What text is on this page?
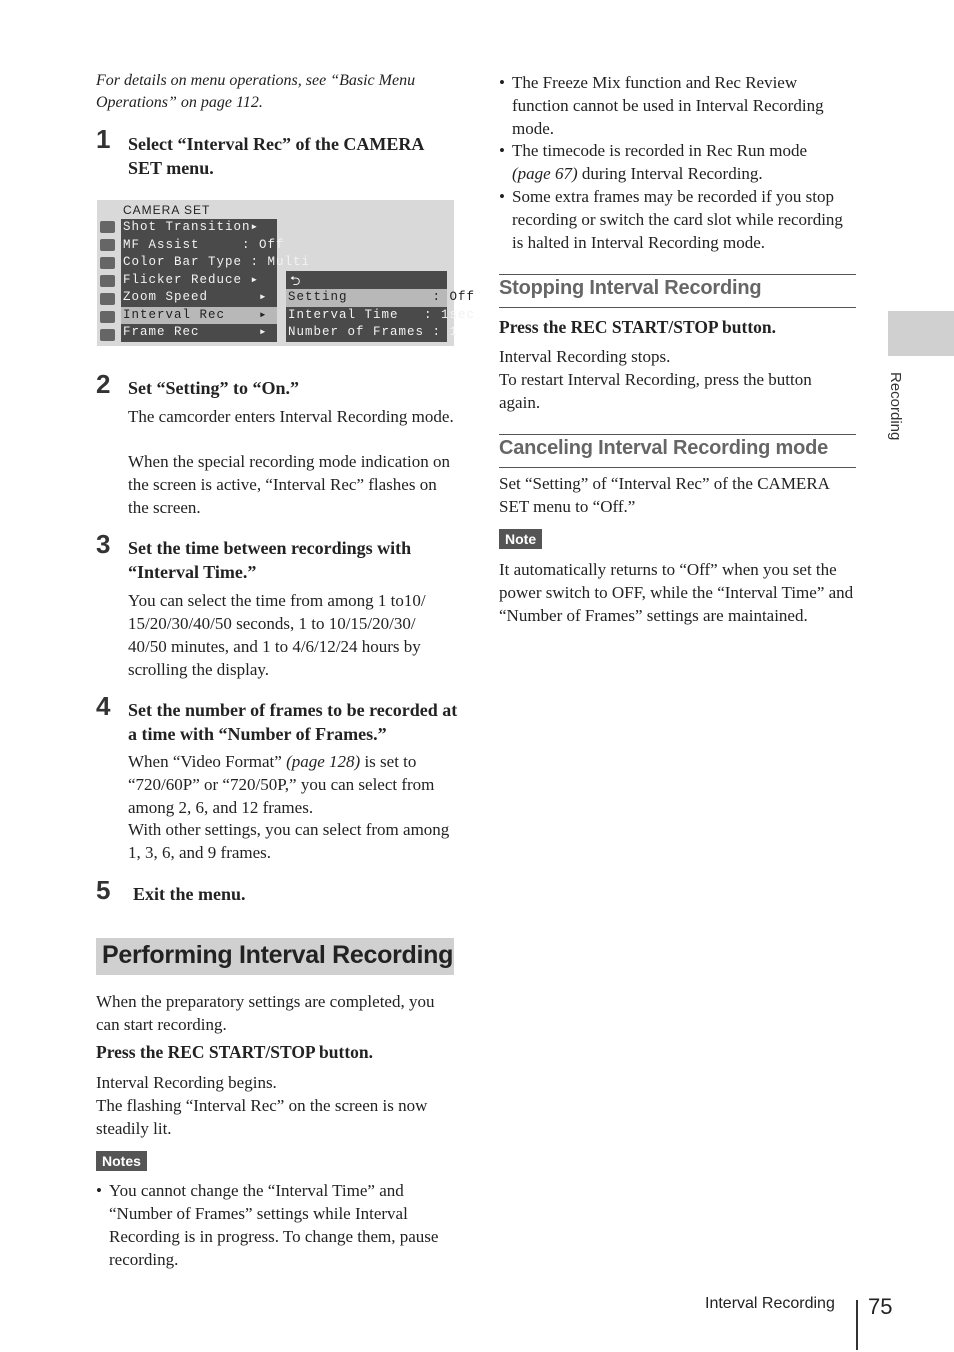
For details on menu operations, see “Basic Menu Operations” on page 112.
1 Select “Interval Rec” of the CAMERA SET menu.
CAMERA SET
Shot Transition▸
MF Assist     : Off
Color Bar Type : Multi
Flicker Reduce ▸
Zoom Speed      ▸
Interval Rec    ▸
Frame Rec       ▸
⮌
Setting          : Off
Interval Time   : 1sec
Number of Frames : 1
2 Set “Setting” to “On.”
The camcorder enters Interval Recording mode.
When the special recording mode indication on the screen is active, “Interval Rec” flashes on the screen.
3 Set the time between recordings with “Interval Time.”
You can select the time from among 1 to10/ 15/20/30/40/50 seconds, 1 to 10/15/20/30/ 40/50 minutes, and 1 to 4/6/12/24 hours by scrolling the display.
4 Set the number of frames to be recorded at a time with “Number of Frames.”
When “Video Format” (page 128) is set to “720/60P” or “720/50P,” you can select from among 2, 6, and 12 frames.
With other settings, you can select from among 1, 3, 6, and 9 frames.
5 Exit the menu.
Performing Interval Recording
When the preparatory settings are completed, you can start recording.
Press the REC START/STOP button.
Interval Recording begins.
The flashing “Interval Rec” on the screen is now steadily lit.
Notes
• You cannot change the “Interval Time” and “Number of Frames” settings while Interval Recording is in progress. To change them, pause recording.
• The Freeze Mix function and Rec Review function cannot be used in Interval Recording mode.
• The timecode is recorded in Rec Run mode (page 67) during Interval Recording.
• Some extra frames may be recorded if you stop recording or switch the card slot while recording is halted in Interval Recording mode.
Stopping Interval Recording
Press the REC START/STOP button.
Interval Recording stops.
To restart Interval Recording, press the button again.
Canceling Interval Recording mode
Set “Setting” of “Interval Rec” of the CAMERA SET menu to “Off.”
Note
It automatically returns to “Off” when you set the power switch to OFF, while the “Interval Time” and “Number of Frames” settings are maintained.
Recording
Interval Recording 75
